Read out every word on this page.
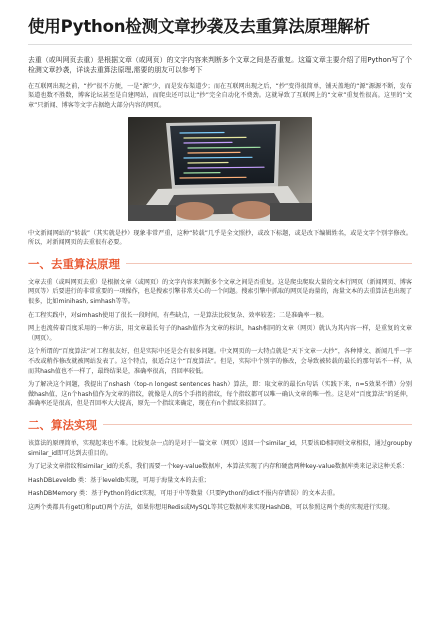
使用Python检测文章抄袭及去重算法原理解析

去重（或叫网页去重）是根据文章（或网页）的文字内容来判断多个文章之间是否重复。这篇文章主要介绍了用Python写了个检测文章抄袭，详谈去重算法原理,需要的朋友可以参考下

在互联网出现之前，“抄”很不方便，一是“源”少，而是发布渠道少；而在互联网出现之后，“抄”变得很简单，铺天盖地的“源”源源不断，发布渠道也数不胜数，博客论坛甚至是自建网站，而爬虫还可以让“抄”完全自动化不费劲。这就导致了互联网上的“文章”重复性很高。这里的“文章”只新闻、博客等文字占据绝大部分内容的网页。

中文新闻网站的“转载”（其实就是抄）现象非常严重，这种“转载”几乎是全文照抄，或改下标题，或是改下编辑姓名，或是文字个别字修改。所以，对新闻网页的去重很有必要。

一、去重算法原理

文章去重（或叫网页去重）是根据文章（或网页）的文字内容来判断多个文章之间是否重复。这是爬虫爬取大量的文本行网页（新闻网页、博客网页等）后要进行的非常重要的一项操作，也是搜索引擎非常关心的一个问题。搜索引擎中抓取的网页是海量的，海量文本的去重算法也出现了很多，比如minihash, simhash等等。

在工程实践中，对simhash使用了很长一段时间，有些缺点，一是算法比较复杂、效率较差；二是准确率一般。

网上也流传着百度采用的一种方法，用文章最长句子的hash值作为文章的标识，hash相同的文章（网页）就认为其内容一样，是重复的文章（网页）。

这个所谓的“百度算法”对工程很友好，但是实际中还是会有很多问题。中文网页的一大特点就是“天下文章一大抄”，各种博文、新闻几乎一字不改或稍作修改就被网站发表了。这个特点，很适合这个“百度算法”。但是，实际中个别字的修改，会导致被转载的最长的那句话不一样，从而其hash值也不一样了，最终结果是，准确率很高，召回率较低。

为了解决这个问题，我提出了nshash（top-n longest sentences hash）算法，即：取文章的最长n句话（实践下来，n=5效果不错）分别做hash值，这n个hash值作为文章的指纹，就像是人的5个手指的指纹，每个指纹都可以唯一确认文章的唯一性。这是对“百度算法”的延伸，准确率还是很高，但是召回率大大提高，原先一个指纹来确定，现在有n个指纹来招回了。

二、算法实现

该算法的原理简单，实现起来也不难。比较复杂一点的是对于一篇文章（网页）返回一个similar_id，只要该ID相同则文章相似，通过groupby similar_id即可达到去重目的。

为了记录文章指纹和similar_id的关系，我们需要一个key-value数据库，本算法实现了内存和硬盘两种key-value数据库类来记录这种关系：

HashDBLeveldb 类：基于leveldb实现，可用于海量文本的去重；

HashDBMemory 类：基于Python的dict实现，可用于中等数量（只要Python的dict不报内存错误）的文本去重。

这两个类都具有get()和put()两个方法，如果你想用Redis或MySQL等其它数据库来实现HashDB，可以参照这两个类的实现进行实现。
